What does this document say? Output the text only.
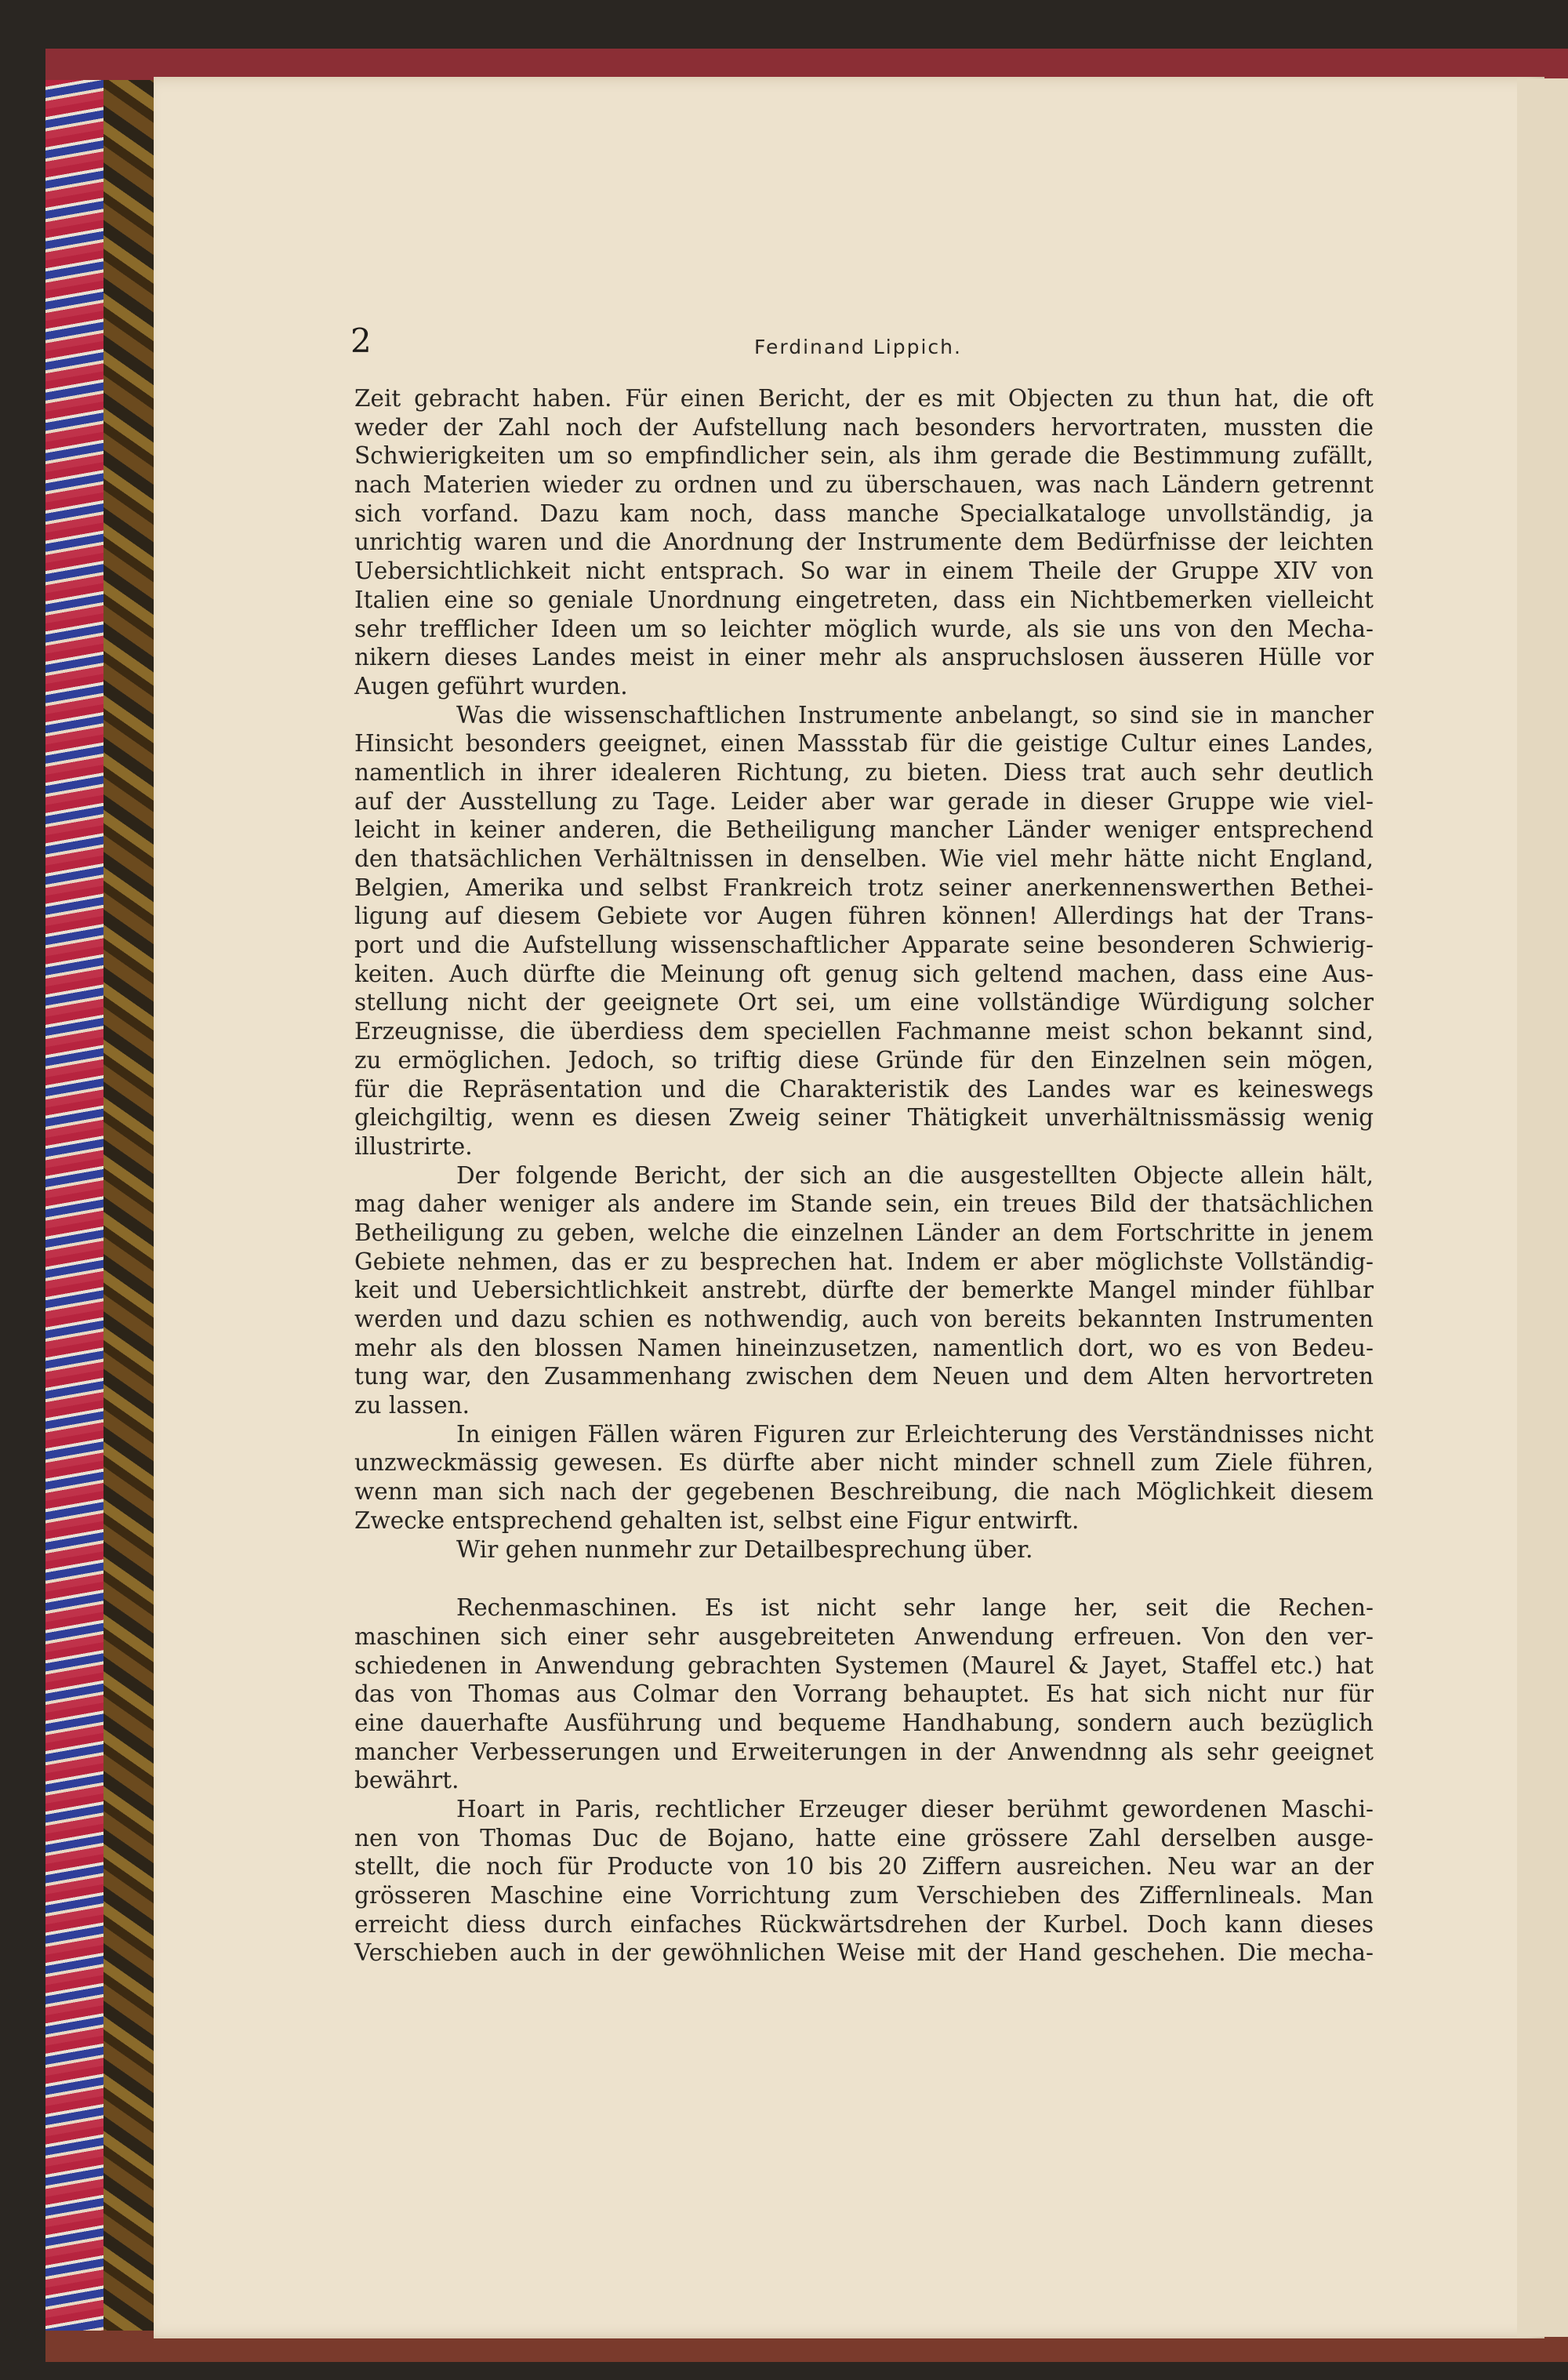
2	Ferdinand Lippich.
Zeit gebracht haben. Für einen Bericht, der es mit Objecten zu thun hat, die oft
weder der Zahl noch der Aufstellung nach besonders hervortraten, mussten die
Schwierigkeiten um so empfindlicher sein, als ihm gerade die Bestimmung zufällt,
nach Materien wieder zu ordnen und zu überschauen, was nach Ländern getrennt
sich vorfand. Dazu kam noch, dass manche Specialkataloge unvollständig, ja
unrichtig waren und die Anordnung der Instrumente dem Bedürfnisse der leichten
Uebersichtlichkeit nicht entsprach. So war in einem Theile der Gruppe XIV von
Italien eine so geniale Unordnung eingetreten, dass ein Nichtbemerken vielleicht
sehr trefflicher Ideen um so leichter möglich wurde, als sie uns von den Mecha-
nikern dieses Landes meist in einer mehr als anspruchslosen äusseren Hülle vor
Augen geführt wurden.
Was die wissenschaftlichen Instrumente anbelangt, so sind sie in mancher
Hinsicht besonders geeignet, einen Massstab für die geistige Cultur eines Landes,
namentlich in ihrer idealeren Richtung, zu bieten. Diess trat auch sehr deutlich
auf der Ausstellung zu Tage. Leider aber war gerade in dieser Gruppe wie viel-
leicht in keiner anderen, die Betheiligung mancher Länder weniger entsprechend
den thatsächlichen Verhältnissen in denselben. Wie viel mehr hätte nicht England,
Belgien, Amerika und selbst Frankreich trotz seiner anerkennenswerthen Bethei-
ligung auf diesem Gebiete vor Augen führen können! Allerdings hat der Trans-
port und die Aufstellung wissenschaftlicher Apparate seine besonderen Schwierig-
keiten. Auch dürfte die Meinung oft genug sich geltend machen, dass eine Aus-
stellung nicht der geeignete Ort sei, um eine vollständige Würdigung solcher
Erzeugnisse, die überdiess dem speciellen Fachmanne meist schon bekannt sind,
zu ermöglichen. Jedoch, so triftig diese Gründe für den Einzelnen sein mögen,
für die Repräsentation und die Charakteristik des Landes war es keineswegs
gleichgiltig, wenn es diesen Zweig seiner Thätigkeit unverhältnissmässig wenig
illustrirte.
Der folgende Bericht, der sich an die ausgestellten Objecte allein hält,
mag daher weniger als andere im Stande sein, ein treues Bild der thatsächlichen
Betheiligung zu geben, welche die einzelnen Länder an dem Fortschritte in jenem
Gebiete nehmen, das er zu besprechen hat. Indem er aber möglichste Vollständig-
keit und Uebersichtlichkeit anstrebt, dürfte der bemerkte Mangel minder fühlbar
werden und dazu schien es nothwendig, auch von bereits bekannten Instrumenten
mehr als den blossen Namen hineinzusetzen, namentlich dort, wo es von Bedeu-
tung war, den Zusammenhang zwischen dem Neuen und dem Alten hervortreten
zu lassen.
In einigen Fällen wären Figuren zur Erleichterung des Verständnisses nicht
unzweckmässig gewesen. Es dürfte aber nicht minder schnell zum Ziele führen,
wenn man sich nach der gegebenen Beschreibung, die nach Möglichkeit diesem
Zwecke entsprechend gehalten ist, selbst eine Figur entwirft.
Wir gehen nunmehr zur Detailbesprechung über.
Rechenmaschinen. Es ist nicht sehr lange her, seit die Rechen-
maschinen sich einer sehr ausgebreiteten Anwendung erfreuen. Von den ver-
schiedenen in Anwendung gebrachten Systemen (Maurel & Jayet, Staffel etc.) hat
das von Thomas aus Colmar den Vorrang behauptet. Es hat sich nicht nur für
eine dauerhafte Ausführung und bequeme Handhabung, sondern auch bezüglich
mancher Verbesserungen und Erweiterungen in der Anwendnng als sehr geeignet
bewährt.
Hoart in Paris, rechtlicher Erzeuger dieser berühmt gewordenen Maschi-
nen von Thomas Duc de Bojano, hatte eine grössere Zahl derselben ausge-
stellt, die noch für Producte von 10 bis 20 Ziffern ausreichen. Neu war an der
grösseren Maschine eine Vorrichtung zum Verschieben des Ziffernlineals. Man
erreicht diess durch einfaches Rückwärtsdrehen der Kurbel. Doch kann dieses
Verschieben auch in der gewöhnlichen Weise mit der Hand geschehen. Die mecha-
